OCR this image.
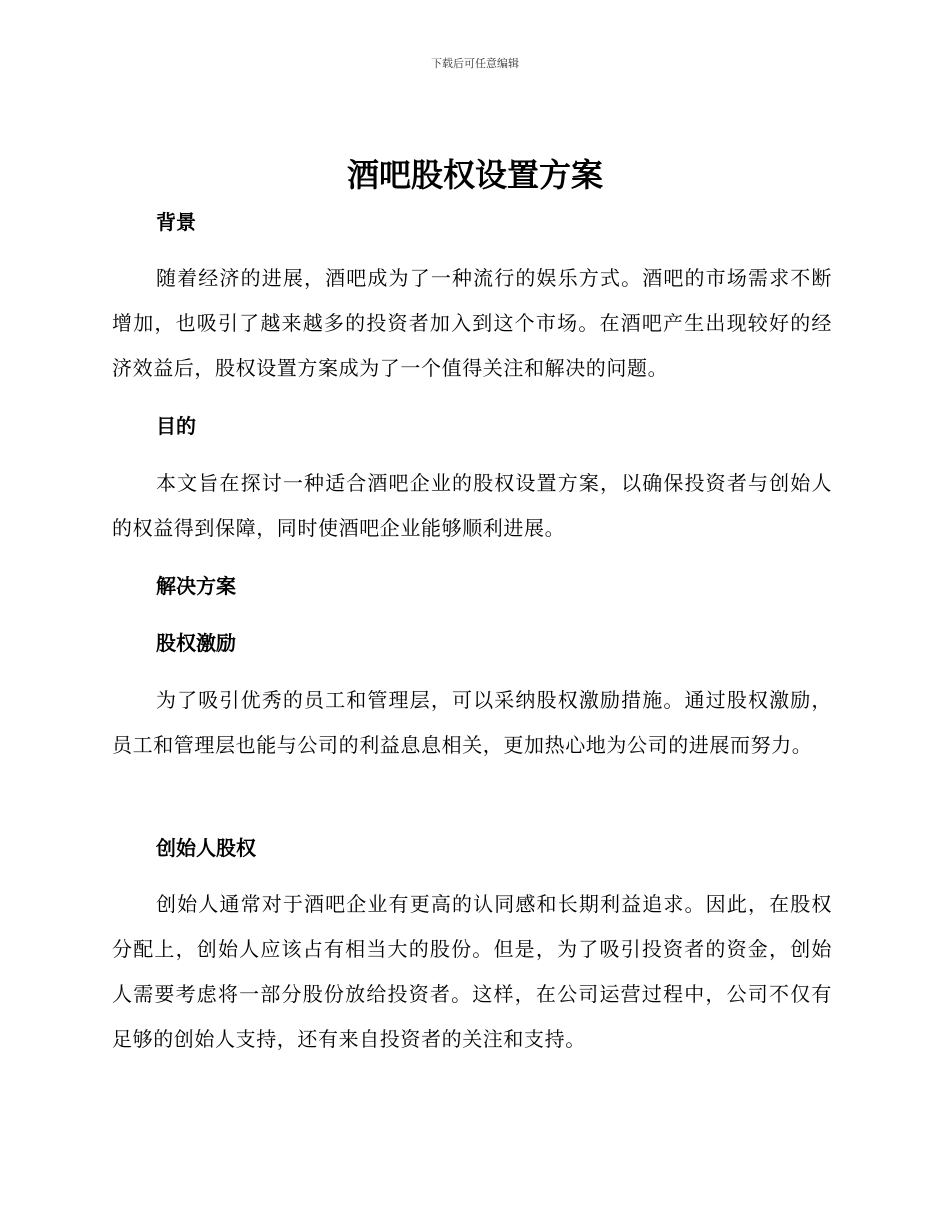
下载后可任意编辑
酒吧股权设置方案
背景

随着经济的进展，酒吧成为了一种流行的娱乐方式。酒吧的市场需求不断增加，也吸引了越来越多的投资者加入到这个市场。在酒吧产生出现较好的经济效益后，股权设置方案成为了一个值得关注和解决的问题。

目的

本文旨在探讨一种适合酒吧企业的股权设置方案，以确保投资者与创始人的权益得到保障，同时使酒吧企业能够顺利进展。

解决方案
股权激励

为了吸引优秀的员工和管理层，可以采纳股权激励措施。通过股权激励，员工和管理层也能与公司的利益息息相关，更加热心地为公司的进展而努力。

创始人股权

创始人通常对于酒吧企业有更高的认同感和长期利益追求。因此，在股权分配上，创始人应该占有相当大的股份。但是，为了吸引投资者的资金，创始人需要考虑将一部分股份放给投资者。这样，在公司运营过程中，公司不仅有足够的创始人支持，还有来自投资者的关注和支持。
